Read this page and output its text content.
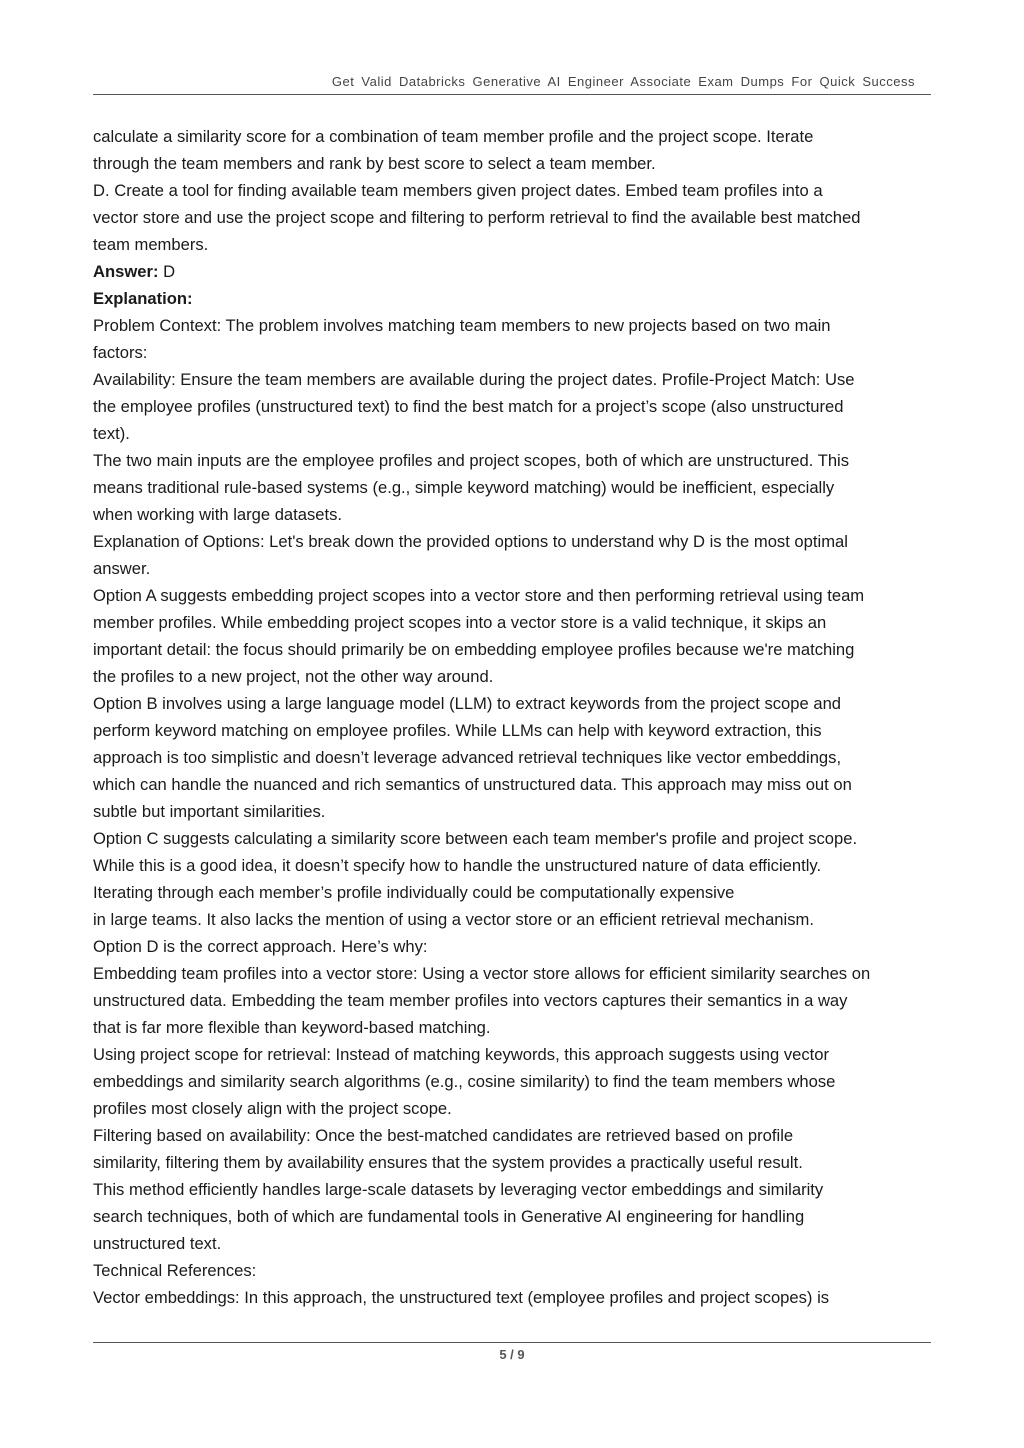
Get Valid Databricks Generative AI Engineer Associate Exam Dumps For Quick Success
calculate a similarity score for a combination of team member profile and the project scope. Iterate
through the team members and rank by best score to select a team member.
D. Create a tool for finding available team members given project dates. Embed team profiles into a
vector store and use the project scope and filtering to perform retrieval to find the available best matched
team members.
Answer: D
Explanation:
Problem Context: The problem involves matching team members to new projects based on two main
factors:
Availability: Ensure the team members are available during the project dates. Profile-Project Match: Use
the employee profiles (unstructured text) to find the best match for a project’s scope (also unstructured
text).
The two main inputs are the employee profiles and project scopes, both of which are unstructured. This
means traditional rule-based systems (e.g., simple keyword matching) would be inefficient, especially
when working with large datasets.
Explanation of Options: Let's break down the provided options to understand why D is the most optimal
answer.
Option A suggests embedding project scopes into a vector store and then performing retrieval using team
member profiles. While embedding project scopes into a vector store is a valid technique, it skips an
important detail: the focus should primarily be on embedding employee profiles because we're matching
the profiles to a new project, not the other way around.
Option B involves using a large language model (LLM) to extract keywords from the project scope and
perform keyword matching on employee profiles. While LLMs can help with keyword extraction, this
approach is too simplistic and doesn’t leverage advanced retrieval techniques like vector embeddings,
which can handle the nuanced and rich semantics of unstructured data. This approach may miss out on
subtle but important similarities.
Option C suggests calculating a similarity score between each team member's profile and project scope.
While this is a good idea, it doesn’t specify how to handle the unstructured nature of data efficiently.
Iterating through each member’s profile individually could be computationally expensive
in large teams. It also lacks the mention of using a vector store or an efficient retrieval mechanism.
Option D is the correct approach. Here’s why:
Embedding team profiles into a vector store: Using a vector store allows for efficient similarity searches on
unstructured data. Embedding the team member profiles into vectors captures their semantics in a way
that is far more flexible than keyword-based matching.
Using project scope for retrieval: Instead of matching keywords, this approach suggests using vector
embeddings and similarity search algorithms (e.g., cosine similarity) to find the team members whose
profiles most closely align with the project scope.
Filtering based on availability: Once the best-matched candidates are retrieved based on profile
similarity, filtering them by availability ensures that the system provides a practically useful result.
This method efficiently handles large-scale datasets by leveraging vector embeddings and similarity
search techniques, both of which are fundamental tools in Generative AI engineering for handling
unstructured text.
Technical References:
Vector embeddings: In this approach, the unstructured text (employee profiles and project scopes) is
5 / 9
